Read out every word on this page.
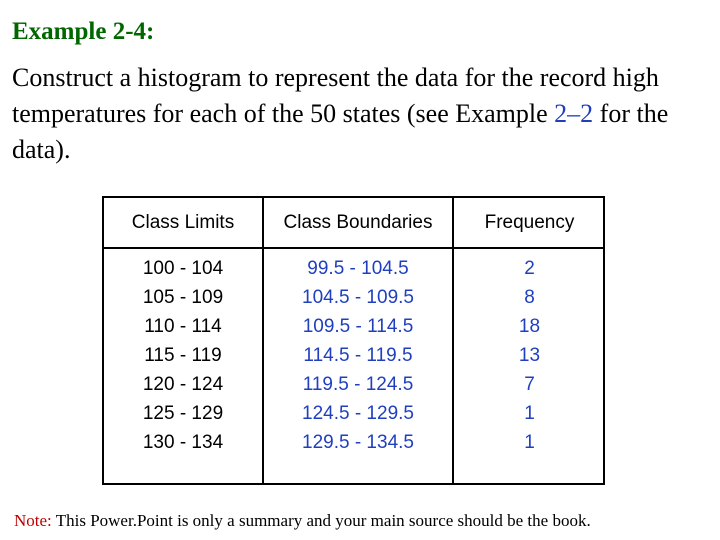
Example 2-4:
Construct a histogram to represent the data for the record high temperatures for each of the 50 states (see Example 2–2 for the data).
Class Limits	Class Boundaries	Frequency
100 - 104
105 - 109
110 - 114
115 - 119
120 - 124
125 - 129
130 - 134
99.5 - 104.5
104.5 - 109.5
109.5 - 114.5
114.5 - 119.5
119.5 - 124.5
124.5 - 129.5
129.5 - 134.5
2
8
18
13
7
1
1
Note: This Power.Point is only a summary and your main source should be the book.
